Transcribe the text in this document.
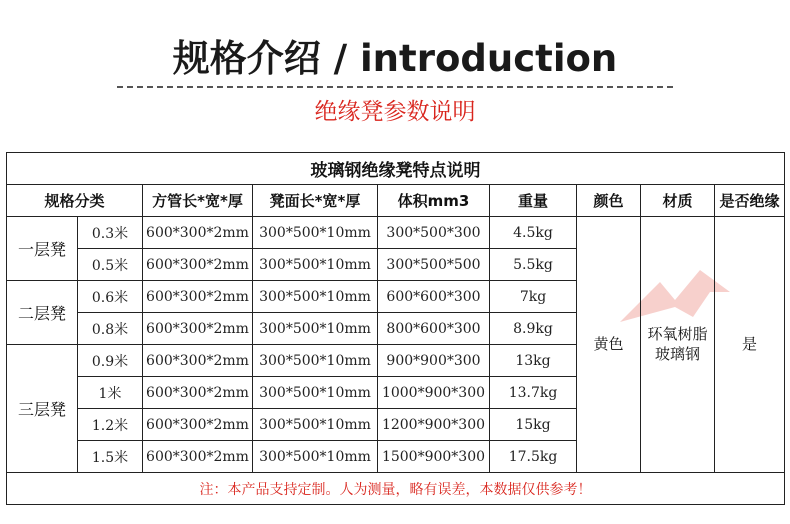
规格介绍 / introduction
绝缘凳参数说明
玻璃钢绝缘凳特点说明								
规格分类		方管长*宽*厚	凳面长*宽*厚	体积mm3	重量	颜色	材质	是否绝缘
一层凳	0.3米	600*300*2mm	300*500*10mm	300*500*300	4.5kg	黄色	环氧树脂玻璃钢	是
	0.5米	600*300*2mm	300*500*10mm	300*500*500	5.5kg			
二层凳	0.6米	600*300*2mm	300*500*10mm	600*600*300	7kg			
	0.8米	600*300*2mm	300*500*10mm	800*600*300	8.9kg			
三层凳	0.9米	600*300*2mm	300*500*10mm	900*900*300	13kg			
	1米	600*300*2mm	300*500*10mm	1000*900*300	13.7kg			
	1.2米	600*300*2mm	300*500*10mm	1200*900*300	15kg			
	1.5米	600*300*2mm	300*500*10mm	1500*900*300	17.5kg			
注：本产品支持定制。人为测量，略有误差，本数据仅供参考！								
